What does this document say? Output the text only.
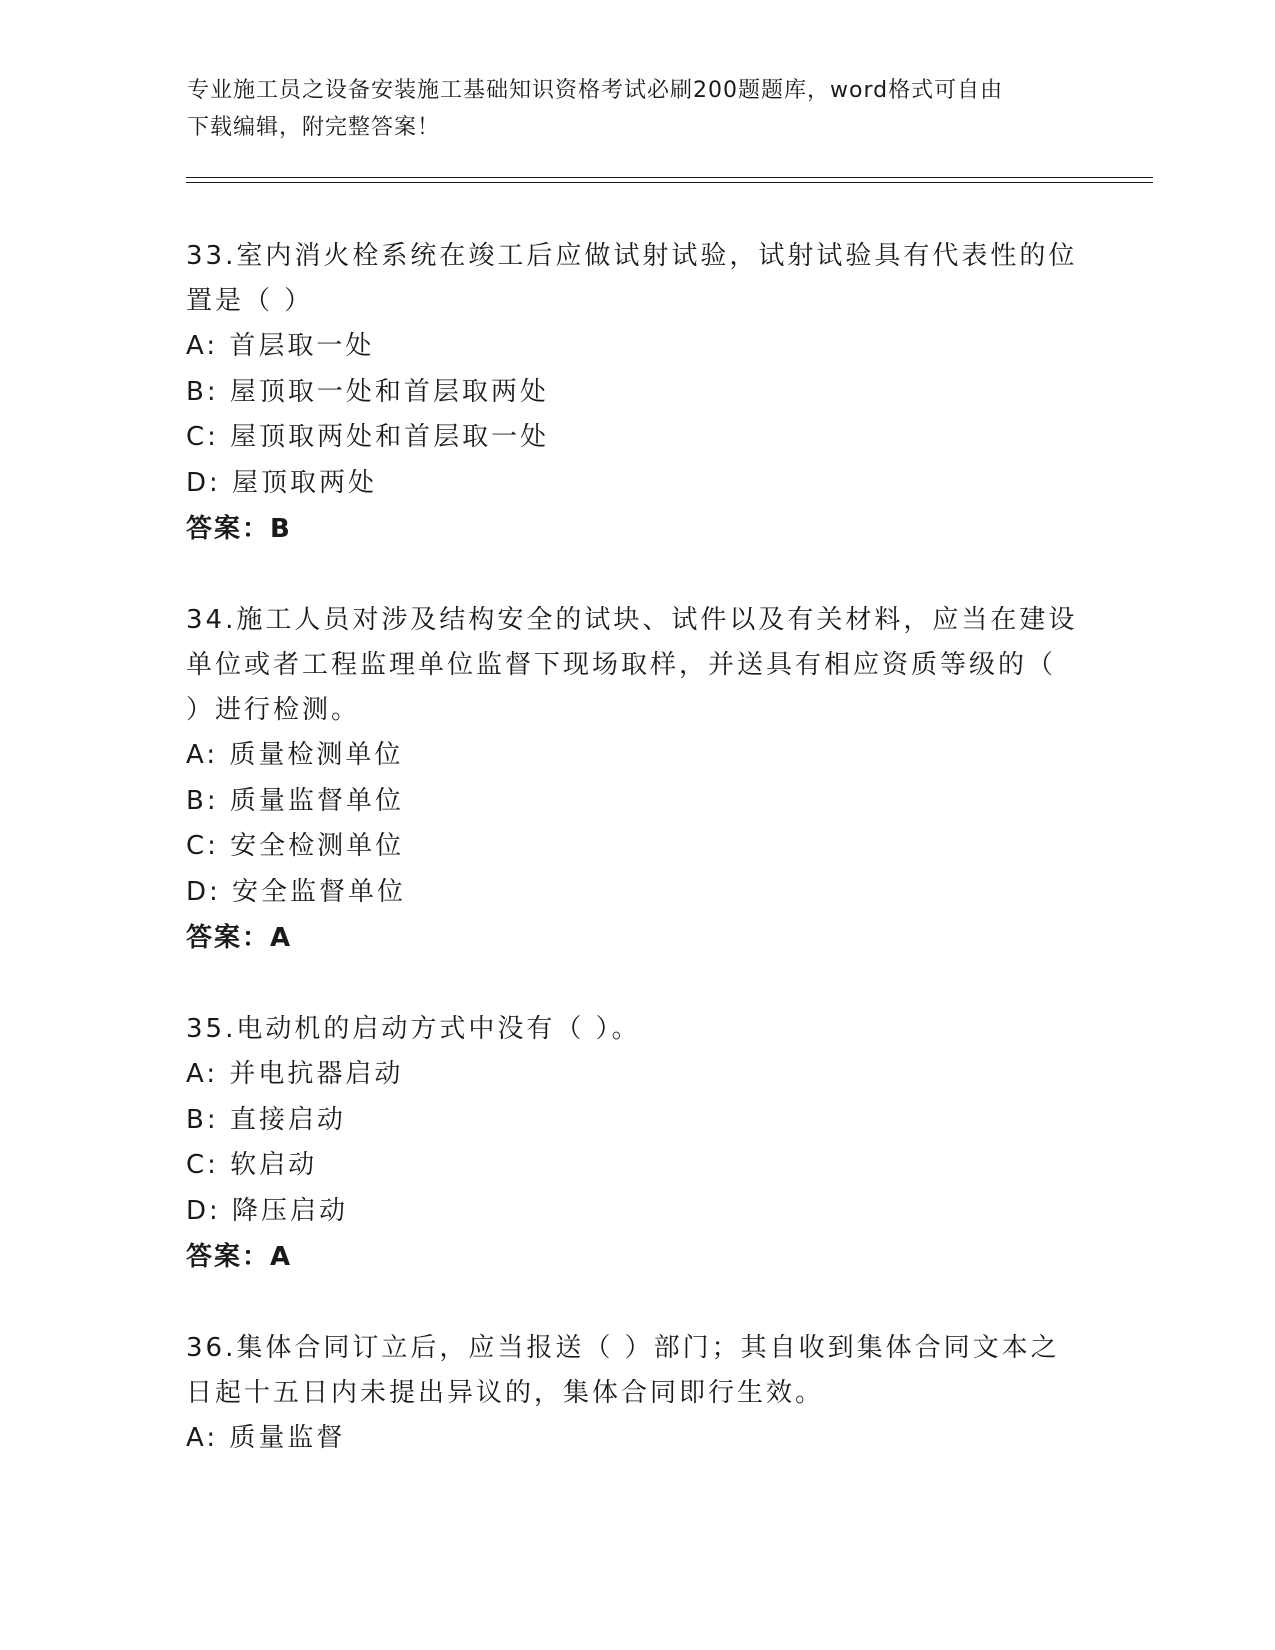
专业施工员之设备安装施工基础知识资格考试必刷200题题库，word格式可自由
下载编辑，附完整答案！
33.室内消火栓系统在竣工后应做试射试验，试射试验具有代表性的位
置是（ ）
A: 首层取一处
B: 屋顶取一处和首层取两处
C: 屋顶取两处和首层取一处
D: 屋顶取两处
答案：B
34.施工人员对涉及结构安全的试块、试件以及有关材料，应当在建设
单位或者工程监理单位监督下现场取样，并送具有相应资质等级的（
）进行检测。
A: 质量检测单位
B: 质量监督单位
C: 安全检测单位
D: 安全监督单位
答案：A
35.电动机的启动方式中没有（ ）。
A: 并电抗器启动
B: 直接启动
C: 软启动
D: 降压启动
答案：A
36.集体合同订立后，应当报送（ ）部门；其自收到集体合同文本之
日起十五日内未提出异议的，集体合同即行生效。
A: 质量监督
